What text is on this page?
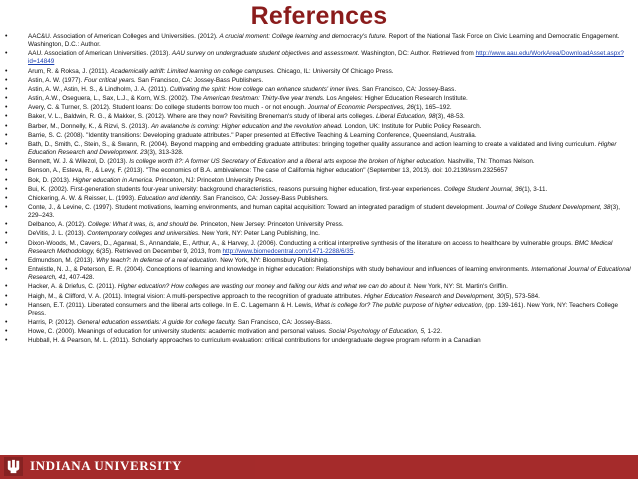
References
• AAC&U. Association of American Colleges and Universities. (2012). A crucial moment: College learning and democracy's future. Report of the National Task Force on Civic Learning and Democratic Engagement. Washington, D.C.: Author.
• AAU. Association of American Universities. (2013). AAU survey on undergraduate student objectives and assessment. Washington, DC: Author. Retrieved from http://www.aau.edu/WorkArea/DownloadAsset.aspx?id=14849
• Arum, R. & Roksa, J. (2011). Academically adrift: Limited learning on college campuses. Chicago, IL: University Of Chicago Press.
• Astin, A. W. (1977). Four critical years. San Francisco, CA: Jossey-Bass Publishers.
• Astin, A. W., Astin, H. S., & Lindholm, J. A. (2011). Cultivating the spirit: How college can enhance students' inner lives. San Francisco, CA: Jossey-Bass.
• Astin, A.W., Oseguera, L., Sax, L.J., & Korn, W.S. (2002). The American freshman: Thirty-five year trends. Los Angeles: Higher Education Research Institute.
• Avery, C. & Turner, S. (2012). Student loans: Do college students borrow too much - or not enough. Journal of Economic Perspectives, 26(1), 165–192.
• Baker, V. L., Baldwin, R. G., & Makker, S. (2012). Where are they now? Revisiting Breneman's study of liberal arts colleges. Liberal Education, 98(3), 48-53.
• Barber, M., Donnelly, K., & Rizvi, S. (2013). An avalanche is coming: Higher education and the revolution ahead. London, UK: Institute for Public Policy Research.
• Barrie, S. C. (2008). "Identity transitions: Developing graduate attributes." Paper presented at Effective Teaching & Learning Conference, Queensland, Australia.
• Bath, D., Smith, C., Stein, S., & Swann, R. (2004). Beyond mapping and embedding graduate attributes: bringing together quality assurance and action learning to create a validated and living curriculum. Higher Education Research and Development. 23(3), 313-328.
• Bennett, W. J. & Wilezol, D. (2013). Is college worth it?: A former US Secretary of Education and a liberal arts expose the broken of higher education. Nashville, TN: Thomas Nelson.
• Benson, A., Esteva, R., & Levy, F. (2013). "The economics of B.A. ambivalence: The case of California higher education" (September 13, 2013). doi: 10.2139/ssrn.2325657
• Bok, D. (2013). Higher education in America. Princeton, NJ: Princeton University Press.
• Bui, K. (2002). First-generation students four-year university: background characteristics, reasons pursuing higher education, first-year experiences. College Student Journal, 36(1), 3-11.
• Chickering, A. W. & Reisser, L. (1993). Education and identity. San Francisco, CA: Jossey-Bass Publishers.
• Conte, J., & Levine, C. (1997). Student motivations, learning environments, and human capital acquisition: Toward an integrated paradigm of student development. Journal of College Student Development, 38(3), 229–243.
• Delbanco, A. (2012). College: What it was, is, and should be. Princeton, New Jersey: Princeton University Press.
• DeVitis, J. L. (2013). Contemporary colleges and universities. New York, NY: Peter Lang Publishing, Inc.
• Dixon-Woods, M., Cavers, D., Agarwal, S., Annandale, E., Arthur, A., & Harvey, J. (2006). Conducting a critical interpretive synthesis of the literature on access to healthcare by vulnerable groups. BMC Medical Research Methodology, 6(35). Retrieved on December 9, 2013, from http://www.biomedcentral.com/1471-2288/6/35.
• Edmundson, M. (2013). Why teach?: In defense of a real education. New York, NY: Bloomsbury Publishing.
• Entwistle, N. J., & Peterson, E. R. (2004). Conceptions of learning and knowledge in higher education: Relationships with study behaviour and influences of learning environments. International Journal of Educational Research, 41, 407-428.
• Hacker, A. & Driefus, C. (2011). Higher education? How colleges are wasting our money and failing our kids and what we can do about it. New York, NY: St. Martin's Griffin.
• Haigh, M., & Clifford, V. A. (2011). Integral vision: A multi-perspective approach to the recognition of graduate attributes. Higher Education Research and Development, 30(5), 573-584.
• Hansen, E.T. (2011). Liberated consumers and the liberal arts college. In E. C. Lagemann & H. Lewis, What is college for? The public purpose of higher education, (pp. 139-161). New York, NY: Teachers College Press.
• Harris, P. (2012). General education essentials: A guide for college faculty. San Francisco, CA: Jossey-Bass.
• Howe, C. (2000). Meanings of education for university students: academic motivation and personal values. Social Psychology of Education, 5, 1-22.
• Hubball, H. & Pearson, M. L. (2011). Scholarly approaches to curriculum evaluation: critical contributions for undergraduate degree program reform in a Canadian
INDIANA UNIVERSITY
